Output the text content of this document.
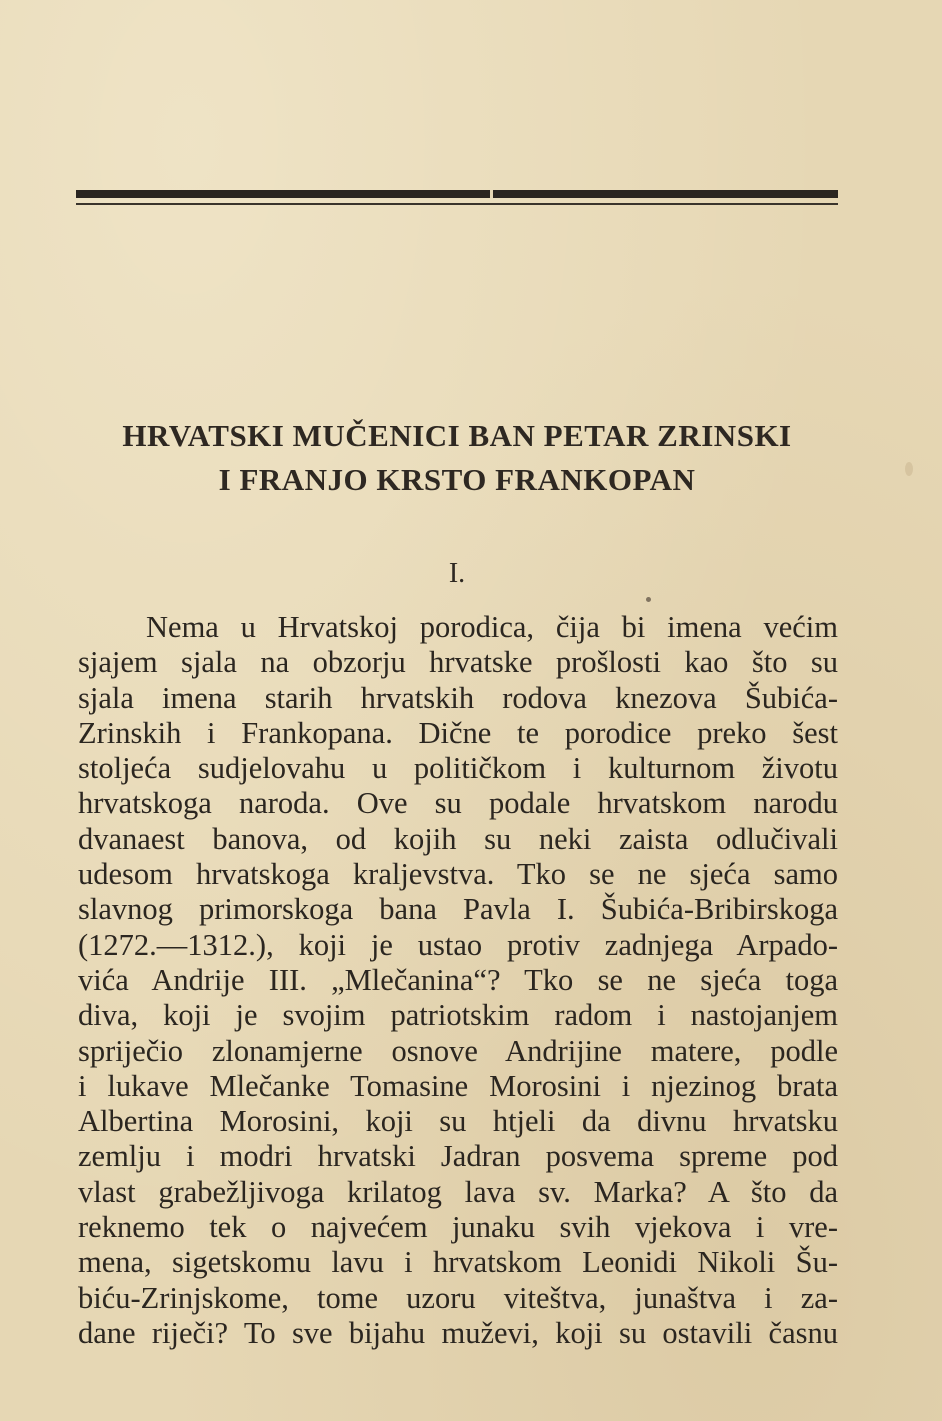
HRVATSKI MUČENICI BAN PETAR ZRINSKI
I FRANJO KRSTO FRANKOPAN
I.
Nema u Hrvatskoj porodica, čija bi imena većim
sjajem sjala na obzorju hrvatske prošlosti kao što su
sjala imena starih hrvatskih rodova knezova Šubića-
Zrinskih i Frankopana. Dične te porodice preko šest
stoljeća sudjelovahu u političkom i kulturnom životu
hrvatskoga naroda. Ove su podale hrvatskom narodu
dvanaest banova, od kojih su neki zaista odlučivali
udesom hrvatskoga kraljevstva. Tko se ne sjeća samo
slavnog primorskoga bana Pavla I. Šubića-Bribirskoga
(1272.—1312.), koji je ustao protiv zadnjega Arpado-
vića Andrije III. „Mlečanina“? Tko se ne sjeća toga
diva, koji je svojim patriotskim radom i nastojanjem
spriječio zlonamjerne osnove Andrijine matere, podle
i lukave Mlečanke Tomasine Morosini i njezinog brata
Albertina Morosini, koji su htjeli da divnu hrvatsku
zemlju i modri hrvatski Jadran posvema spreme pod
vlast grabežljivoga krilatog lava sv. Marka? A što da
reknemo tek o najvećem junaku svih vjekova i vre-
mena, sigetskomu lavu i hrvatskom Leonidi Nikoli Šu-
biću-Zrinjskome, tome uzoru viteštva, junaštva i za-
dane riječi? To sve bijahu muževi, koji su ostavili časnu
